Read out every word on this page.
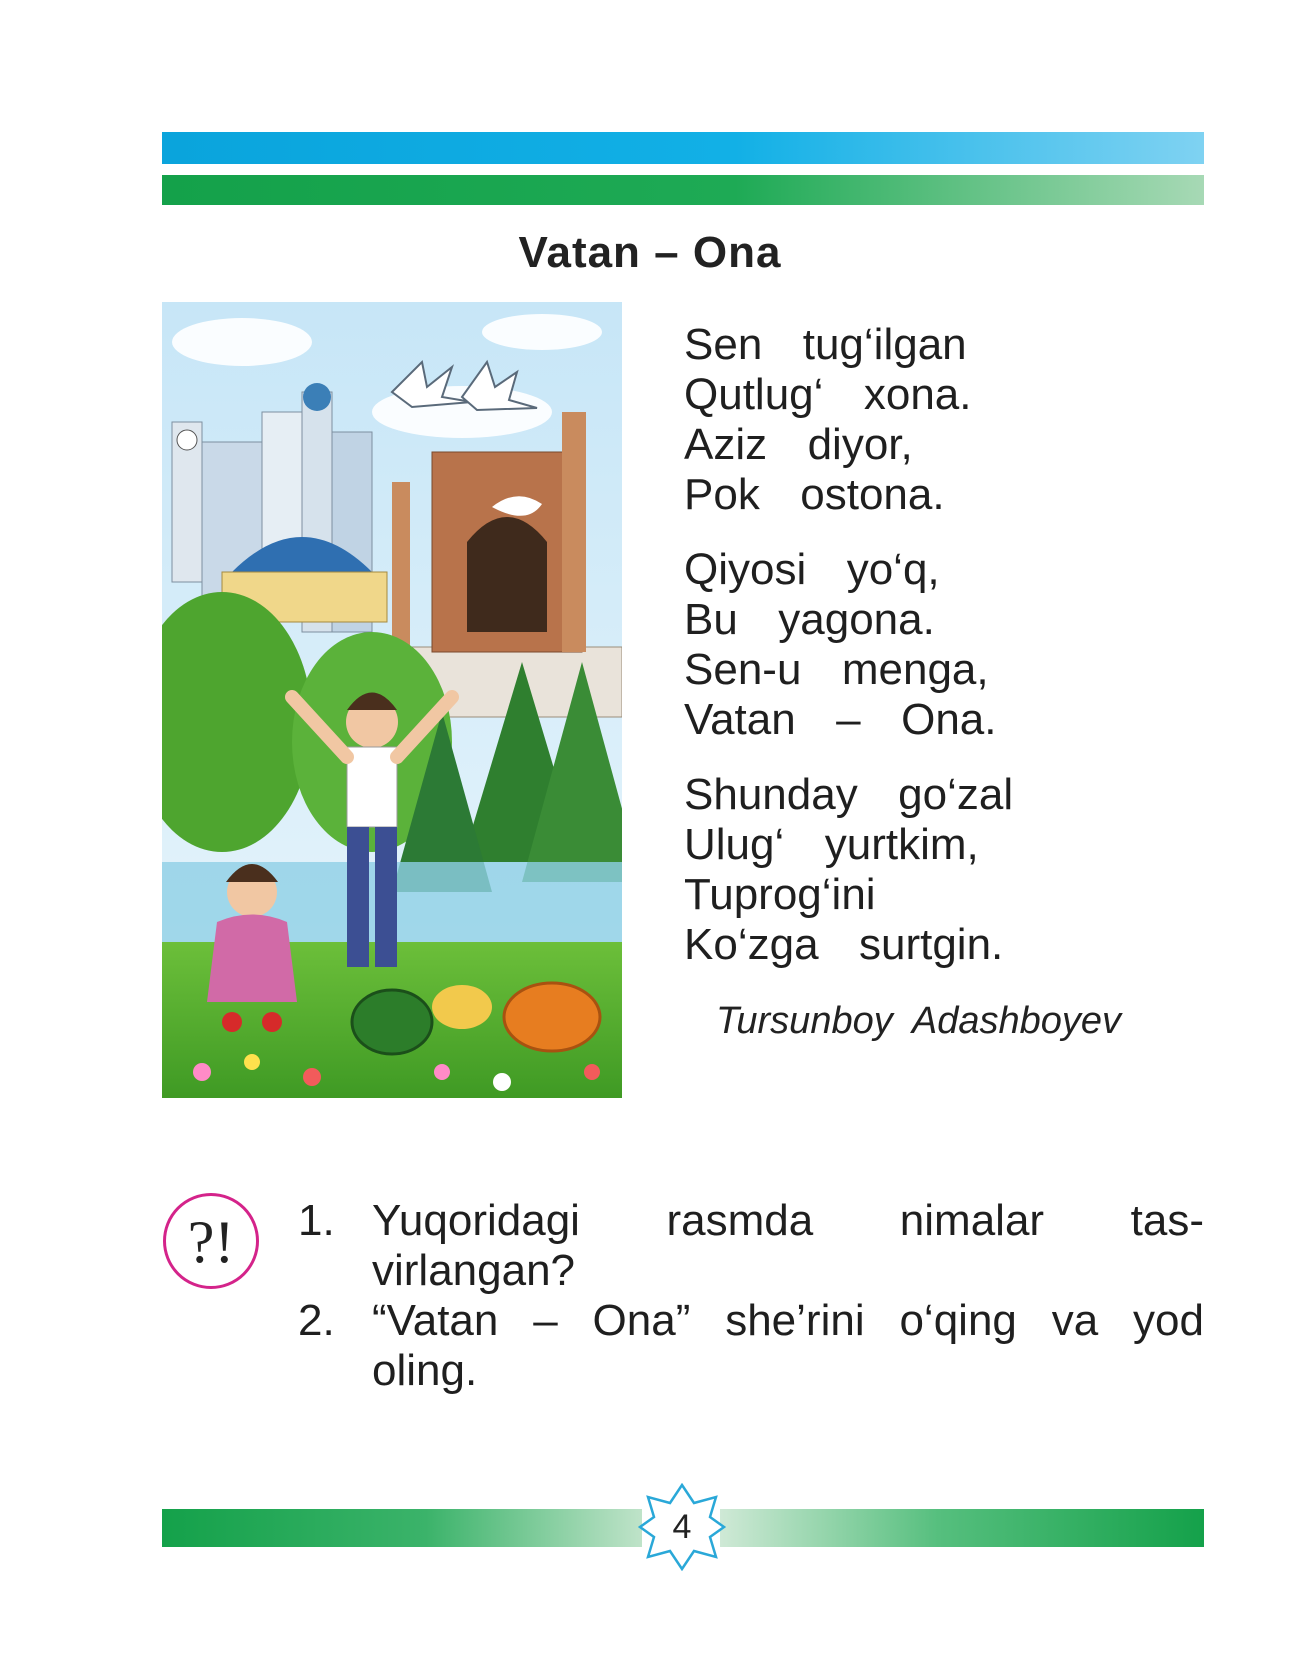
Vatan – Ona
Sen  tug‘ilgan
Qutlug‘  xona.
Aziz  diyor,
Pok  ostona.
Qiyosi  yo‘q,
Bu  yagona.
Sen-u  menga,
Vatan  –  Ona.
Shunday  go‘zal
Ulug‘  yurtkim,
Tuprog‘ini
Ko‘zga  surtgin.
Tursunboy Adashboyev
?!	1. Yuqoridagi rasmda nimalar tas- virlangan?
2. “Vatan – Ona” she’rini o‘qing va yod oling.
4
